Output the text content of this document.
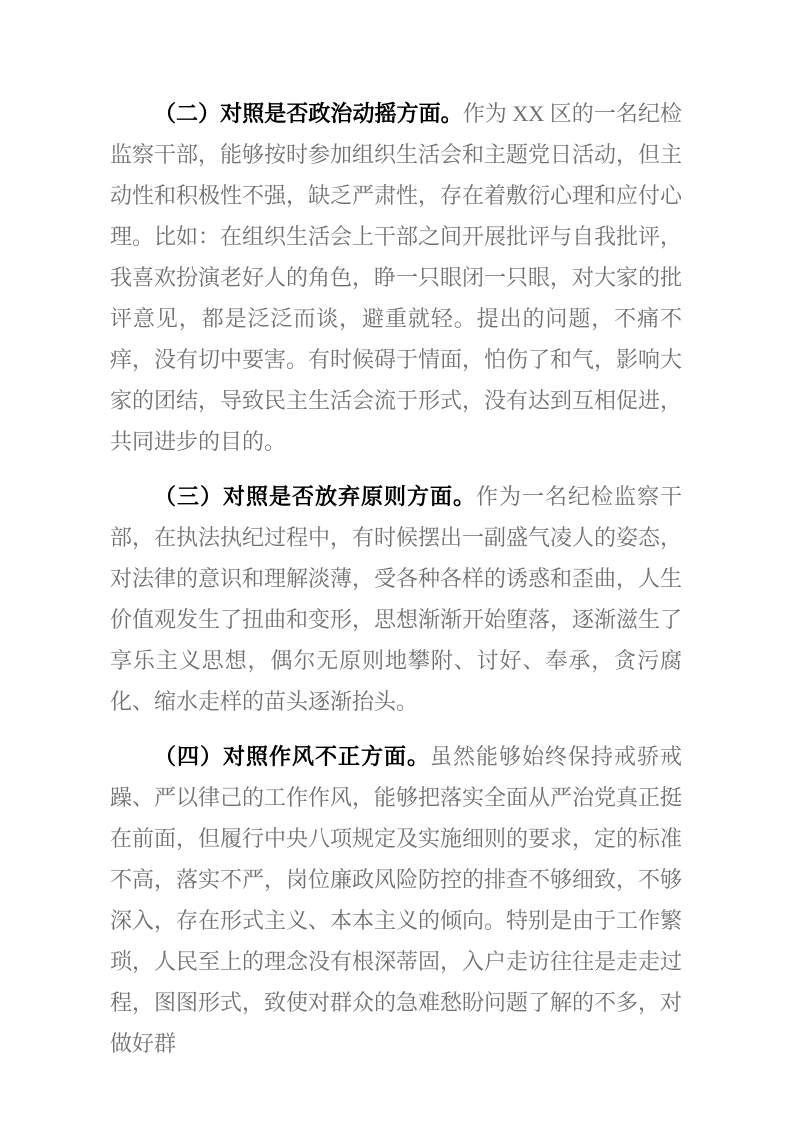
（二）对照是否政治动摇方面。作为 XX 区的一名纪检监察干部，能够按时参加组织生活会和主题党日活动，但主动性和积极性不强，缺乏严肃性，存在着敷衍心理和应付心理。比如：在组织生活会上干部之间开展批评与自我批评，我喜欢扮演老好人的角色，睁一只眼闭一只眼，对大家的批评意见，都是泛泛而谈，避重就轻。提出的问题，不痛不痒，没有切中要害。有时候碍于情面，怕伤了和气，影响大家的团结，导致民主生活会流于形式，没有达到互相促进，共同进步的目的。

（三）对照是否放弃原则方面。作为一名纪检监察干部，在执法执纪过程中，有时候摆出一副盛气凌人的姿态，对法律的意识和理解淡薄，受各种各样的诱惑和歪曲，人生价值观发生了扭曲和变形，思想渐渐开始堕落，逐渐滋生了享乐主义思想，偶尔无原则地攀附、讨好、奉承，贪污腐化、缩水走样的苗头逐渐抬头。

（四）对照作风不正方面。虽然能够始终保持戒骄戒躁、严以律己的工作作风，能够把落实全面从严治党真正挺在前面，但履行中央八项规定及实施细则的要求，定的标准不高，落实不严，岗位廉政风险防控的排查不够细致，不够深入，存在形式主义、本本主义的倾向。特别是由于工作繁琐，人民至上的理念没有根深蒂固，入户走访往往是走走过程，图图形式，致使对群众的急难愁盼问题了解的不多，对做好群
